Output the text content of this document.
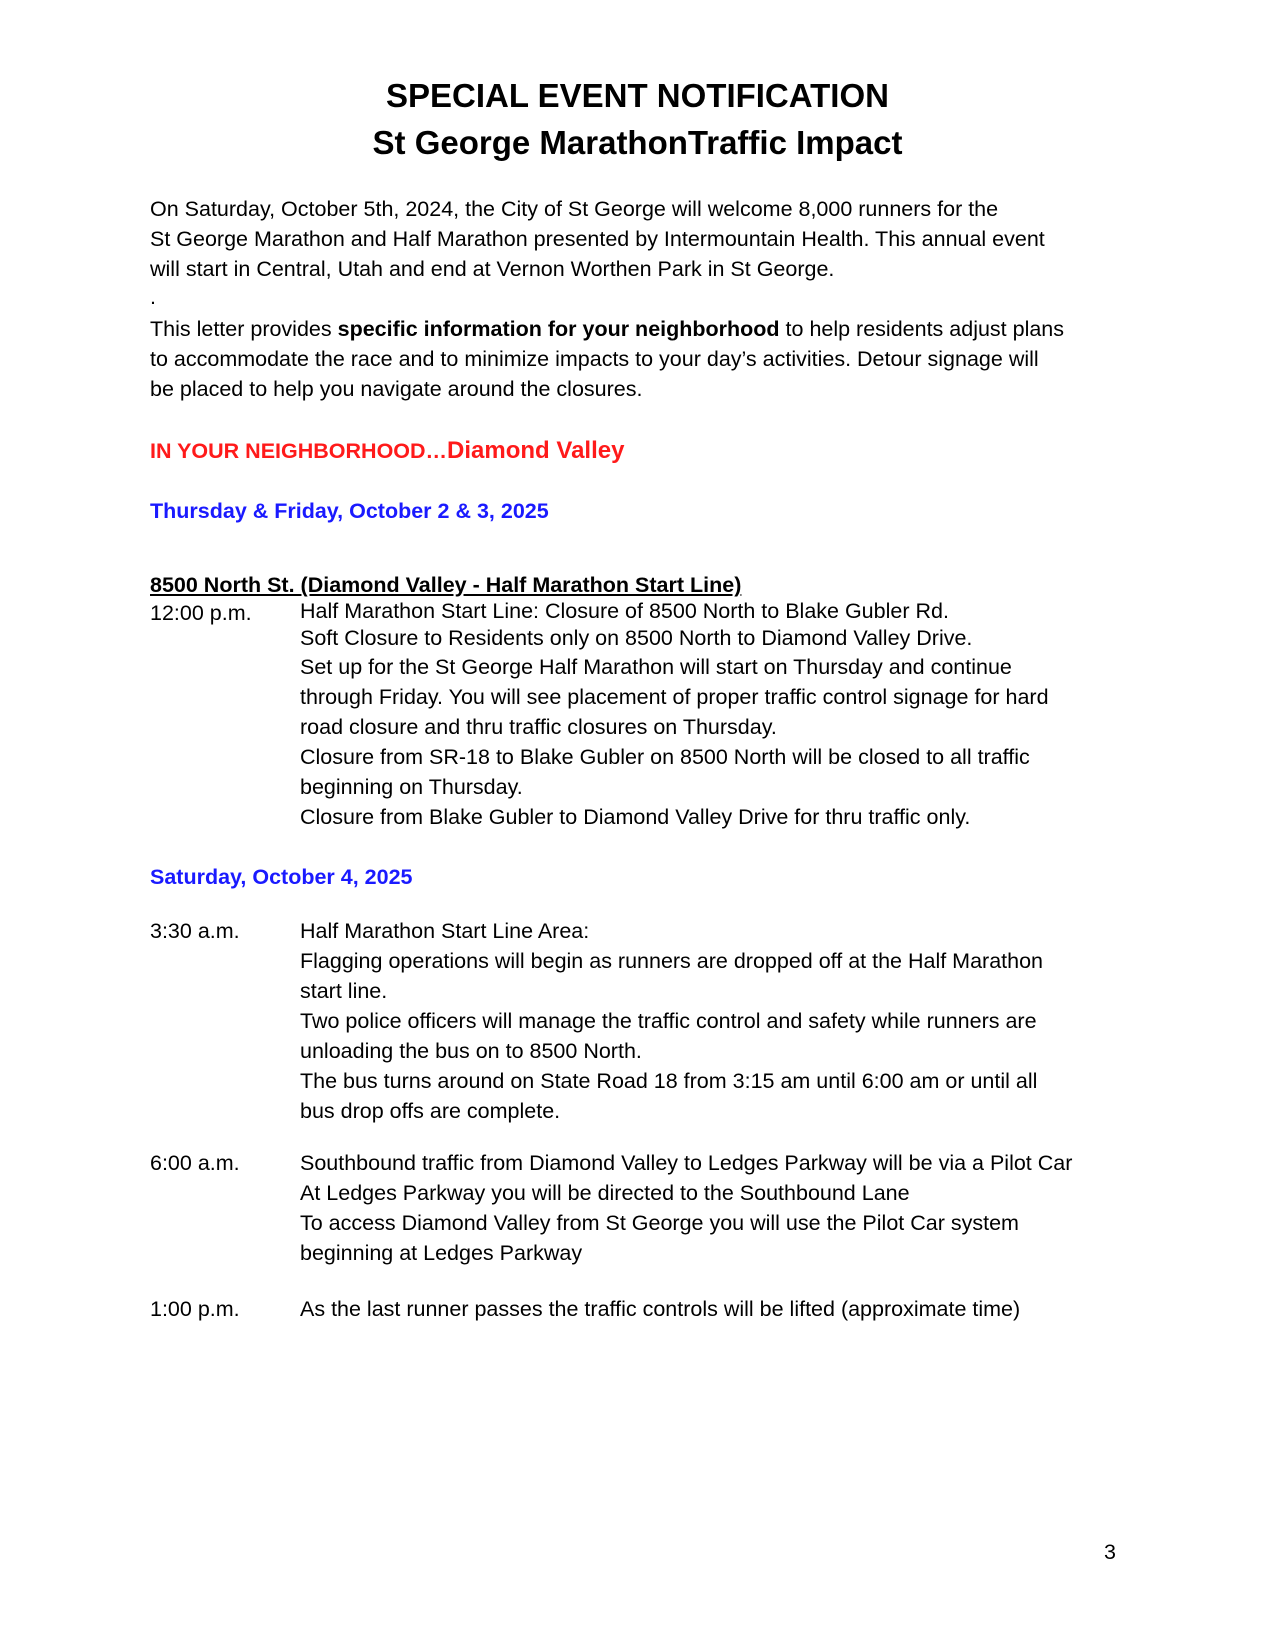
SPECIAL EVENT NOTIFICATION
St George MarathonTraffic Impact
On Saturday, October 5th, 2024, the City of St George will welcome 8,000 runners for the
St George Marathon and Half Marathon presented by Intermountain Health. This annual event
will start in Central, Utah and end at Vernon Worthen Park in St George.
.
This letter provides specific information for your neighborhood to help residents adjust plans
to accommodate the race and to minimize impacts to your day’s activities. Detour signage will
be placed to help you navigate around the closures.
IN YOUR NEIGHBORHOOD…Diamond Valley
Thursday & Friday, October 2 & 3, 2025
8500 North St. (Diamond Valley - Half Marathon Start Line)
12:00 p.m. Half Marathon Start Line: Closure of 8500 North to Blake Gubler Rd.
Soft Closure to Residents only on 8500 North to Diamond Valley Drive.
Set up for the St George Half Marathon will start on Thursday and continue
through Friday. You will see placement of proper traffic control signage for hard
road closure and thru traffic closures on Thursday.
Closure from SR-18 to Blake Gubler on 8500 North will be closed to all traffic
beginning on Thursday.
Closure from Blake Gubler to Diamond Valley Drive for thru traffic only.
Saturday, October 4, 2025
3:30 a.m.	Half Marathon Start Line Area:
Flagging operations will begin as runners are dropped off at the Half Marathon
start line.
Two police officers will manage the traffic control and safety while runners are
unloading the bus on to 8500 North.
The bus turns around on State Road 18 from 3:15 am until 6:00 am or until all
bus drop offs are complete.
6:00 a.m.	Southbound traffic from Diamond Valley to Ledges Parkway will be via a Pilot Car
At Ledges Parkway you will be directed to the Southbound Lane
To access Diamond Valley from St George you will use the Pilot Car system
beginning at Ledges Parkway
1:00 p.m.	As the last runner passes the traffic controls will be lifted (approximate time)
3
